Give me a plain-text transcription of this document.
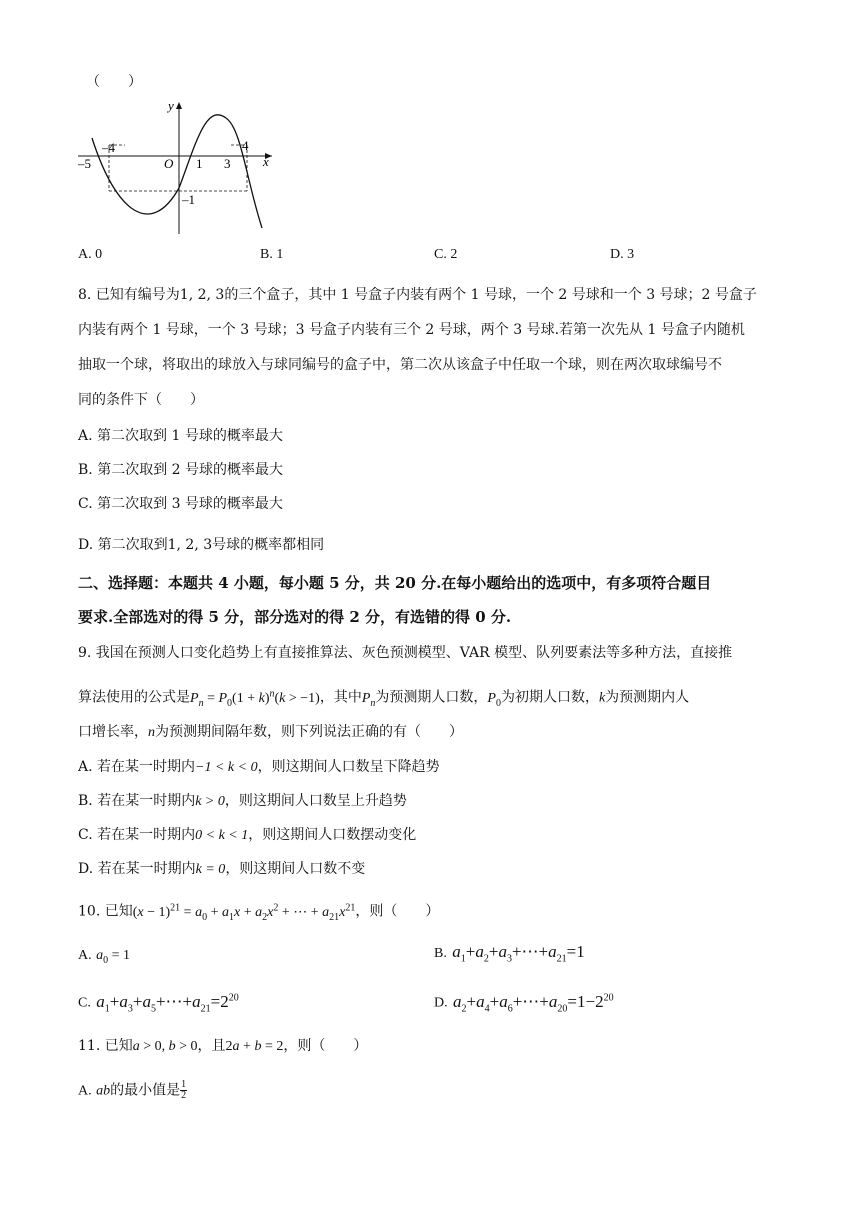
（　　）
y
x
O
–5
–4
1 3
4
–1
A. 0	B. 1	C. 2	D. 3
8. 已知有编号为1, 2, 3的三个盒子，其中 1 号盒子内装有两个 1 号球，一个 2 号球和一个 3 号球；2 号盒子
内装有两个 1 号球，一个 3 号球；3 号盒子内装有三个 2 号球，两个 3 号球.若第一次先从 1 号盒子内随机
抽取一个球，将取出的球放入与球同编号的盒子中，第二次从该盒子中任取一个球，则在两次取球编号不
同的条件下（　　）
A. 第二次取到 1 号球的概率最大
B. 第二次取到 2 号球的概率最大
C. 第二次取到 3 号球的概率最大
D. 第二次取到1, 2, 3号球的概率都相同
二、选择题：本题共 4 小题，每小题 5 分，共 20 分.在每小题给出的选项中，有多项符合题目
要求.全部选对的得 5 分，部分选对的得 2 分，有选错的得 0 分.
9. 我国在预测人口变化趋势上有直接推算法、灰色预测模型、VAR 模型、队列要素法等多种方法，直接推
算法使用的公式是$P_n = P_0(1 + k)^n(k > -1)$，其中$P_n$为预测期人口数，$P_0$为初期人口数，k为预测期内人
口增长率，n为预测期间隔年数，则下列说法正确的有（　　）
A. 若在某一时期内−1 < k < 0，则这期间人口数呈下降趋势
B. 若在某一时期内k > 0，则这期间人口数呈上升趋势
C. 若在某一时期内0 < k < 1，则这期间人口数摆动变化
D. 若在某一时期内k = 0，则这期间人口数不变
10. 已知$(x - 1)^{21} = a_0 + a_1x + a_2x^2$ + ⋯ + $a_{21}x^{21}$，则（　　）
A. $a_0 = 1$	B. $a_1+a_2+a_3+\cdots+a_{21}=1$
C. $a_1+a_3+a_5+\cdots+a_{21}=2^{20}$	D. $a_2+a_4+a_6+\cdots+a_{20}=1-2^{20}$
11. 已知a > 0, b > 0，且2a + b = 2，则（　　）
A. ab的最小值是 $\frac{1}{2}$
